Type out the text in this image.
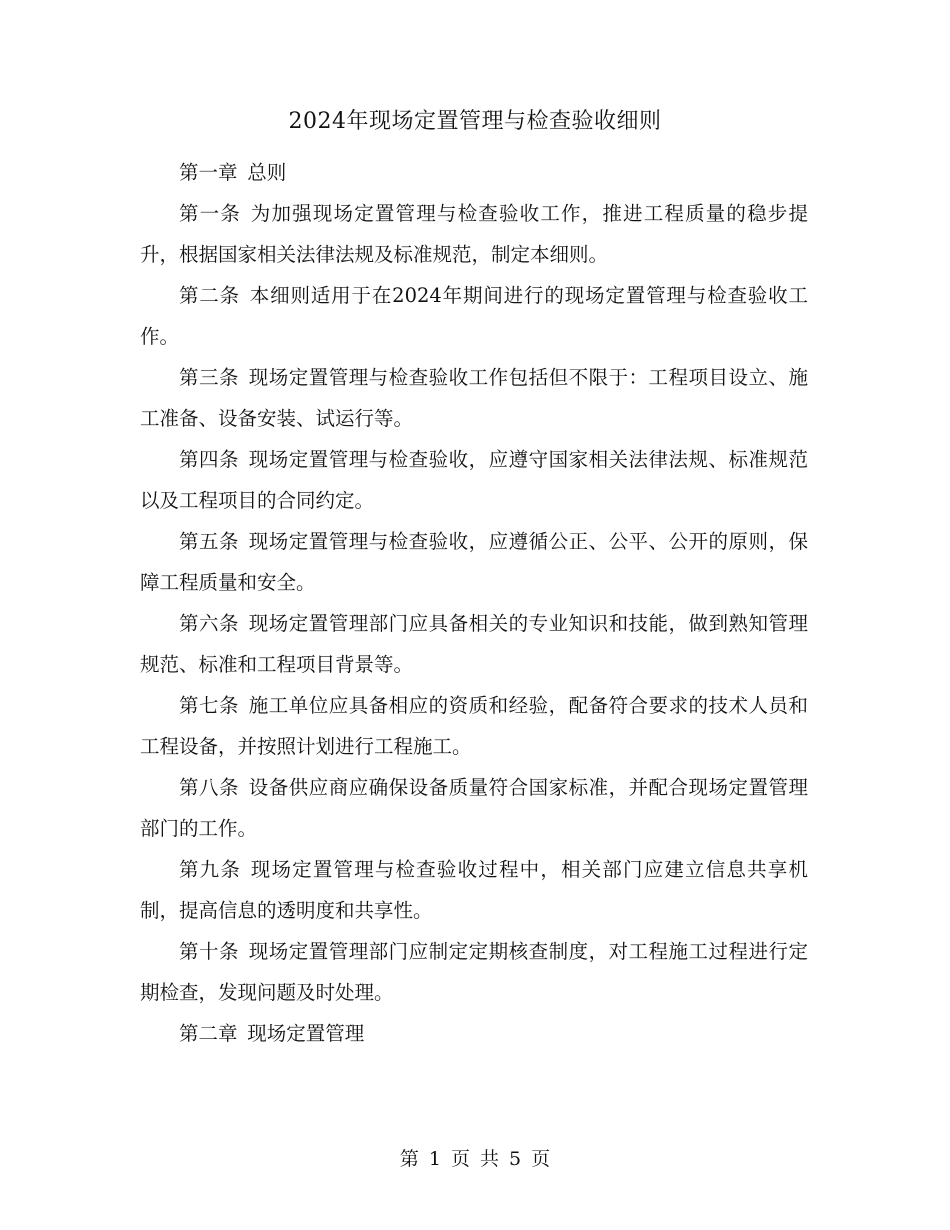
2024年现场定置管理与检查验收细则

第一章 总则

第一条 为加强现场定置管理与检查验收工作，推进工程质量的稳步提升，根据国家相关法律法规及标准规范，制定本细则。

第二条 本细则适用于在2024年期间进行的现场定置管理与检查验收工作。

第三条 现场定置管理与检查验收工作包括但不限于：工程项目设立、施工准备、设备安装、试运行等。

第四条 现场定置管理与检查验收，应遵守国家相关法律法规、标准规范以及工程项目的合同约定。

第五条 现场定置管理与检查验收，应遵循公正、公平、公开的原则，保障工程质量和安全。

第六条 现场定置管理部门应具备相关的专业知识和技能，做到熟知管理规范、标准和工程项目背景等。

第七条 施工单位应具备相应的资质和经验，配备符合要求的技术人员和工程设备，并按照计划进行工程施工。

第八条 设备供应商应确保设备质量符合国家标准，并配合现场定置管理部门的工作。

第九条 现场定置管理与检查验收过程中，相关部门应建立信息共享机制，提高信息的透明度和共享性。

第十条 现场定置管理部门应制定定期核查制度，对工程施工过程进行定期检查，发现问题及时处理。

第二章 现场定置管理

第 1 页 共 5 页
